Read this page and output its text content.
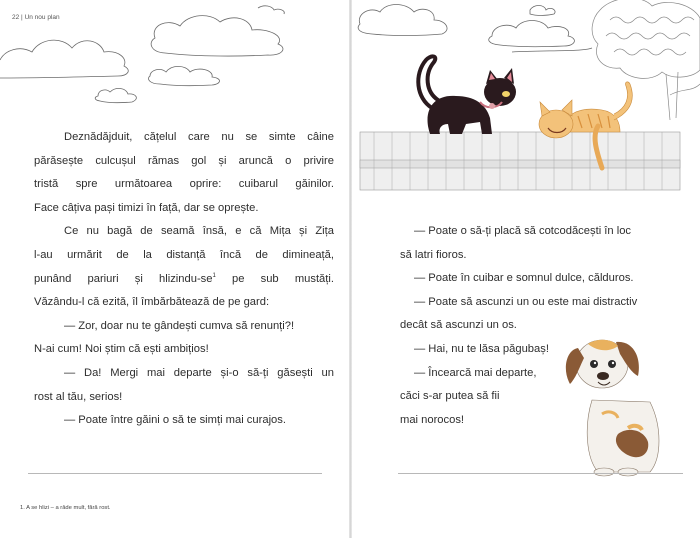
22 | Un nou plan

Deznădăjduit, cățelul care nu se simte câine

părăsește culcușul rămas gol și aruncă o privire

tristă spre următoarea oprire: cuibarul găinilor.

Face câțiva pași timizi în față, dar se oprește.

Ce nu bagă de seamă însă, e că Mița și Zița

l-au urmărit de la distanță încă de dimineață,

punând pariuri și hlizindu-$se^1$ pe sub mustăți.

Văzându-l că ezită, îl îmbărbătează de pe gard:

— Zor, doar nu te gândești cumva să renunți?!

N-ai cum! Noi știm că ești ambițios!

— Da! Mergi mai departe și-o să-ți găsești un

rost al tău, serios!

— Poate între găini o să te simți mai curajos.

1. A se hlizi – a râde mult, fără rost.

— Poate o să-ți placă să cotcodăcești în loc

să latri fioros.

— Poate în cuibar e somnul dulce, călduros.

— Poate să ascunzi un ou este mai distractiv

decât să ascunzi un os.

— Hai, nu te lăsa păgubaș!

— Încearcă mai departe,

căci s-ar putea să fii

mai norocos!
